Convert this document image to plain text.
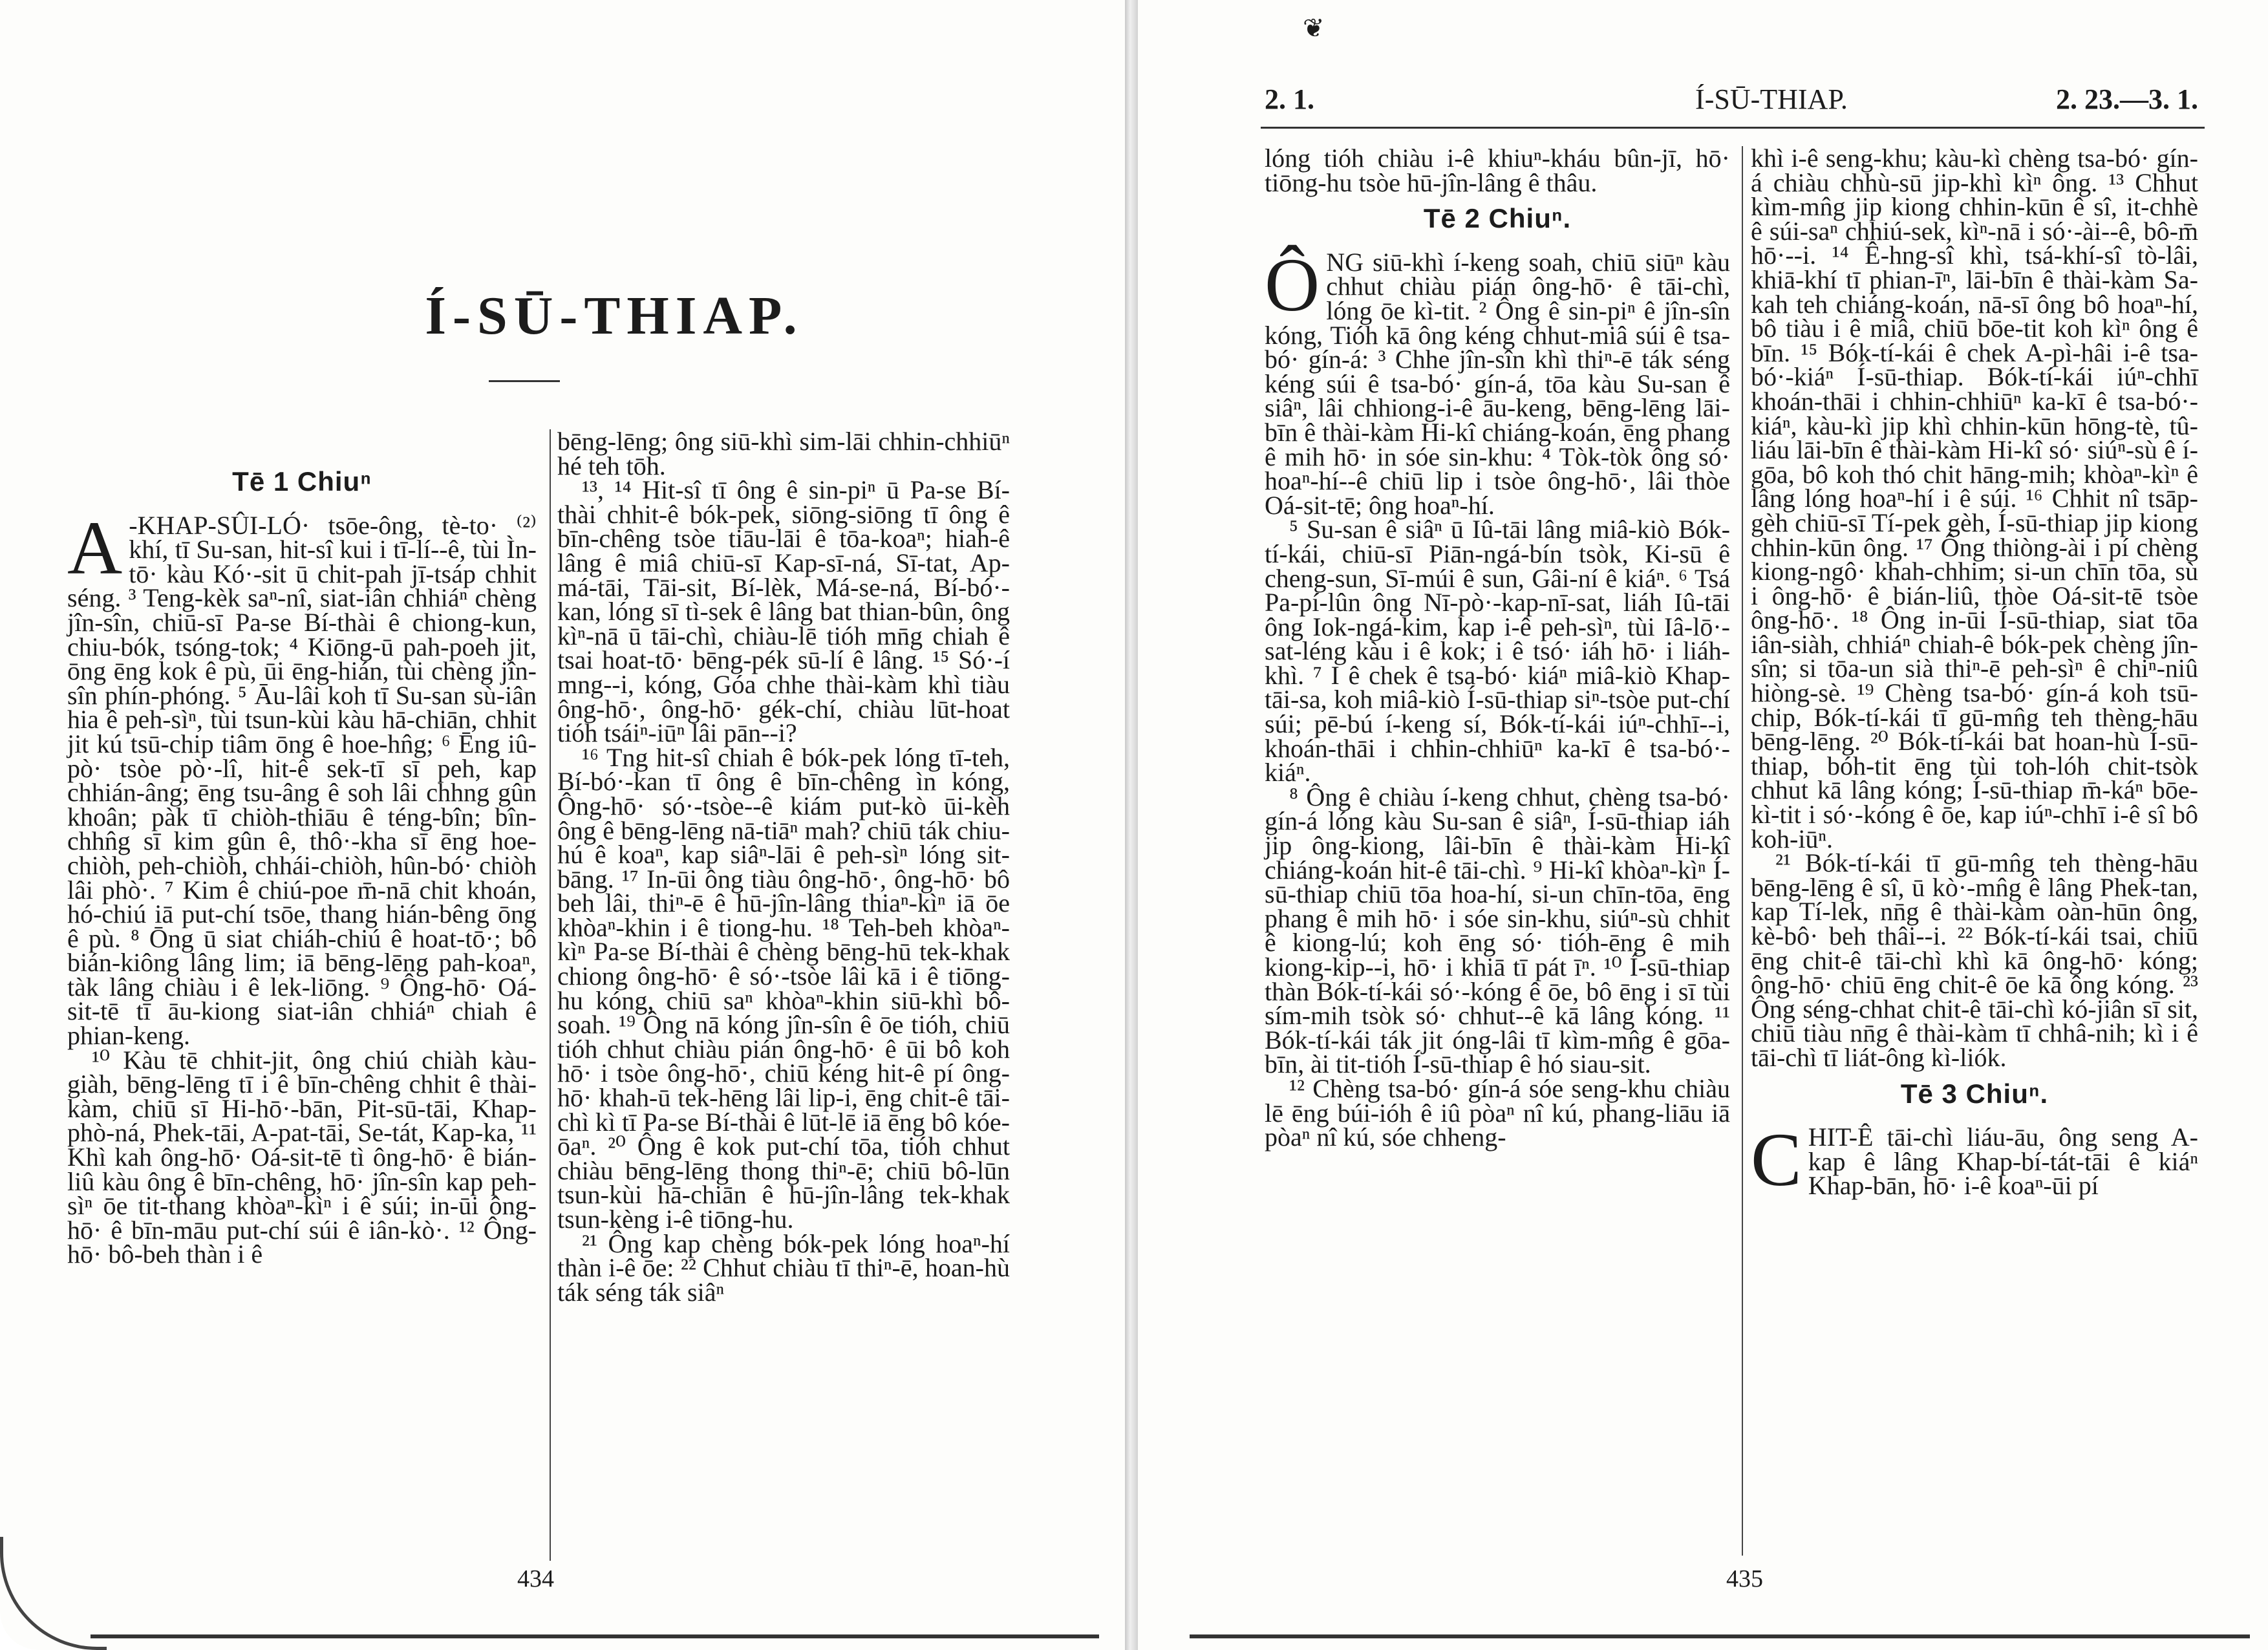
Í-SŪ-THIAP.
Tē 1 Chiuⁿ

A -KHAP-SÛI-LÓ· tsōe-ông, tè-to· ⁽²⁾ khí, tī Su-san, hit-sî kui i tī-lí--ê, tùi Ìn-tō· kàu Kó·-sit ū chit-pah jī-tsáp chhit séng. ³ Teng-kèk saⁿ-nî, siat-iân chhiáⁿ chèng jîn-sîn, chiū-sī Pa-se Bí-thài ê chiong-kun, chiu-bók, tsóng-tok; ⁴ Kiōng-ū pah-poeh jit, ōng ēng kok ê pù, ūi ēng-hián, tùi chèng jîn-sîn phín-phóng. ⁵ Āu-lâi koh tī Su-san sù-iân hia ê peh-sìⁿ, tùi tsun-kùi kàu hā-chiān, chhit jit kú tsū-chip tiâm ōng ê hoe-hn̂g; ⁶ Ēng iû-pò· tsòe pò·-lî, hit-ê sek-tī sī peh, kap chhián-âng; ēng tsu-âng ê soh lâi chhng gûn khoân; pàk tī chiòh-thiāu ê téng-bîn; bîn-chhn̂g sī kim gûn ê, thô·-kha sī ēng hoe-chiòh, peh-chiòh, chhái-chiòh, hûn-bó· chiòh lâi phò·. ⁷ Kim ê chiú-poe m̄-nā chit khoán, hó-chiú iā put-chí tsōe, thang hián-bêng ōng ê pù. ⁸ Ōng ū siat chiáh-chiú ê hoat-tō·; bô bián-kiông lâng lim; iā bēng-lēng pah-koaⁿ, tàk lâng chiàu i ê lek-liōng. ⁹ Ông-hō· Oá-sit-tē tī āu-kiong siat-iân chhiáⁿ chiah ê phian-keng.

¹⁰ Kàu tē chhit-jit, ông chiú chiàh kàu-giàh, bēng-lēng tī i ê bīn-chêng chhit ê thài-kàm, chiū sī Hi-hō·-bān, Pit-sū-tāi, Khap-phò-ná, Phek-tāi, A-pat-tāi, Se-tát, Kap-ka, ¹¹ Khì kah ông-hō· Oá-sit-tē tì ông-hō· ê bián-liû kàu ông ê bīn-chêng, hō· jîn-sîn kap peh-sìⁿ ōe tit-thang khòaⁿ-kìⁿ i ê súi; in-ūi ông-hō· ê bīn-māu put-chí súi ê iân-kò·. ¹² Ông-hō· bô-beh thàn i ê

bēng-lēng; ông siū-khì sim-lāi chhin-chhiūⁿ hé teh tōh.

¹³, ¹⁴ Hit-sî tī ông ê sin-piⁿ ū Pa-se Bí-thài chhit-ê bók-pek, siōng-siōng tī ông ê bīn-chêng tsòe tiāu-lāi ê tōa-koaⁿ; hiah-ê lâng ê miâ chiū-sī Kap-sī-ná, Sī-tat, Ap-má-tāi, Tāi-sit, Bí-lèk, Má-se-ná, Bí-bó·-kan, lóng sī tì-sek ê lâng bat thian-bûn, ông kìⁿ-nā ū tāi-chì, chiàu-lē tióh mn̄g chiah ê tsai hoat-tō· bēng-pék sū-lí ê lâng. ¹⁵ Só·-í mng--i, kóng, Góa chhe thài-kàm khì tiàu ông-hō·, ông-hō· gék-chí, chiàu lūt-hoat tióh tsáiⁿ-iūⁿ lâi pān--i?

¹⁶ Tng hit-sî chiah ê bók-pek lóng tī-teh, Bí-bó·-kan tī ông ê bīn-chêng ìn kóng, Ông-hō· só·-tsòe--ê kiám put-kò ūi-kèh ông ê bēng-lēng nā-tiāⁿ mah? chiū ták chiu-hú ê koaⁿ, kap siâⁿ-lāi ê peh-sìⁿ lóng sit-bāng. ¹⁷ In-ūi ông tiàu ông-hō·, ông-hō· bô beh lâi, thiⁿ-ē ê hū-jîn-lâng thiaⁿ-kìⁿ iā ōe khòaⁿ-khin i ê tiong-hu. ¹⁸ Teh-beh khòaⁿ-kìⁿ Pa-se Bí-thài ê chèng bēng-hū tek-khak chiong ông-hō· ê só·-tsòe lâi kā i ê tiōng-hu kóng, chiū saⁿ khòaⁿ-khin siū-khì bô-soah. ¹⁹ Ông nā kóng jîn-sîn ê ōe tióh, chiū tióh chhut chiàu pián ông-hō· ê ūi bô koh hō· i tsòe ông-hō·, chiū kéng hit-ê pí ông-hō· khah-ū tek-hēng lâi lip-i, ēng chit-ê tāi-chì kì tī Pa-se Bí-thài ê lūt-lē iā ēng bô kóe-ōaⁿ. ²⁰ Ông ê kok put-chí tōa, tióh chhut chiàu bēng-lēng thong thiⁿ-ē; chiū bô-lūn tsun-kùi hā-chiān ê hū-jîn-lâng tek-khak tsun-kèng i-ê tiōng-hu.

²¹ Ông kap chèng bók-pek lóng hoaⁿ-hí thàn i-ê ōe: ²² Chhut chiàu tī thiⁿ-ē, hoan-hù ták séng ták siâⁿ

434
❦
2. 1.	Í-SŪ-THIAP.	2. 23.—3. 1.

lóng tióh chiàu i-ê khiuⁿ-kháu bûn-jī, hō· tiōng-hu tsòe hū-jîn-lâng ê thâu.

Tē 2 Chiuⁿ.

ÔNG siū-khì í-keng soah, chiū siūⁿ kàu chhut chiàu pián ông-hō· ê tāi-chì, lóng ōe kì-tit. ² Ông ê sin-piⁿ ê jîn-sîn kóng, Tióh kā ông kéng chhut-miâ súi ê tsa-bó· gín-á: ³ Chhe jîn-sîn khì thiⁿ-ē ták séng kéng súi ê tsa-bó· gín-á, tōa kàu Su-san ê siâⁿ, lâi chhiong-i-ê āu-keng, bēng-lēng lāi-bīn ê thài-kàm Hi-kî chiáng-koán, ēng phang ê mih hō· in sóe sin-khu: ⁴ Tòk-tòk ông só· hoaⁿ-hí--ê chiū lip i tsòe ông-hō·, lâi thòe Oá-sit-tē; ông hoaⁿ-hí.

⁵ Su-san ê siâⁿ ū Iû-tāi lâng miâ-kiò Bók-tí-kái, chiū-sī Piān-ngá-bín tsòk, Ki-sū ê cheng-sun, Sī-múi ê sun, Gâi-ní ê kiáⁿ. ⁶ Tsá Pa-pí-lûn ông Nī-pò·-kap-nī-sat, liáh Iû-tāi ông Iok-ngá-kim, kap i-ê peh-sìⁿ, tùi Iâ-lō·-sat-léng kàu i ê kok; i ê tsó· iáh hō· i liáh-khì. ⁷ I ê chek ê tsa-bó· kiáⁿ miâ-kiò Khap-tāi-sa, koh miâ-kiò Í-sū-thiap siⁿ-tsòe put-chí súi; pē-bú í-keng sí, Bók-tí-kái iúⁿ-chhī--i, khoán-thāi i chhin-chhiūⁿ ka-kī ê tsa-bó·-kiáⁿ.

⁸ Ông ê chiàu í-keng chhut, chèng tsa-bó· gín-á lóng kàu Su-san ê siâⁿ, Í-sū-thiap iáh jip ông-kiong, lâi-bīn ê thài-kàm Hi-kî chiáng-koán hit-ê tāi-chì. ⁹ Hi-kî khòaⁿ-kìⁿ Í-sū-thiap chiū tōa hoa-hí, si-un chīn-tōa, ēng phang ê mih hō· i sóe sin-khu, siúⁿ-sù chhit ê kiong-lú; koh ēng só· tióh-ēng ê mih kiong-kip--i, hō· i khiā tī pát īⁿ. ¹⁰ Í-sū-thiap thàn Bók-tí-kái só·-kóng ê ōe, bô ēng i sī tùi sím-mih tsòk só· chhut--ê kā lâng kóng. ¹¹ Bók-tí-kái ták jit óng-lâi tī kìm-mn̂g ê gōa-bīn, ài tit-tióh Í-sū-thiap ê hó siau-sit.

¹² Chèng tsa-bó· gín-á sóe seng-khu chiàu lē ēng búi-ióh ê iû pòaⁿ nî kú, phang-liāu iā pòaⁿ nî kú, sóe chheng-

khì i-ê seng-khu; kàu-kì chèng tsa-bó· gín-á chiàu chhù-sū jip-khì kìⁿ ông. ¹³ Chhut kìm-mn̂g jip kiong chhin-kūn ê sî, it-chhè ê súi-saⁿ chhiú-sek, kìⁿ-nā i só·-ài--ê, bô-m̄ hō·--i. ¹⁴ Ê-hng-sî khì, tsá-khí-sî tò-lâi, khiā-khí tī phian-īⁿ, lāi-bīn ê thài-kàm Sa-kah teh chiáng-koán, nā-sī ông bô hoaⁿ-hí, bô tiàu i ê miâ, chiū bōe-tit koh kìⁿ ông ê bīn. ¹⁵ Bók-tí-kái ê chek A-pì-hâi i-ê tsa-bó·-kiáⁿ Í-sū-thiap. Bók-tí-kái iúⁿ-chhī khoán-thāi i chhin-chhiūⁿ ka-kī ê tsa-bó·-kiáⁿ, kàu-kì jip khì chhin-kūn hōng-tè, tû-liáu lāi-bīn ê thài-kàm Hi-kî só· siúⁿ-sù ê í-gōa, bô koh thó chit hāng-mih; khòaⁿ-kìⁿ ê lâng lóng hoaⁿ-hí i ê súi. ¹⁶ Chhit nî tsāp-gèh chiū-sī Tí-pek gèh, Í-sū-thiap jip kiong chhin-kūn ông. ¹⁷ Ông thiòng-ài i pí chèng kiong-ngô· khah-chhim; si-un chīn tōa, sù i ông-hō· ê bián-liû, thòe Oá-sit-tē tsòe ông-hō·. ¹⁸ Ông in-ūi Í-sū-thiap, siat tōa iân-siàh, chhiáⁿ chiah-ê bók-pek chèng jîn-sîn; si tōa-un sià thiⁿ-ē peh-sìⁿ ê chiⁿ-niû hiòng-sè. ¹⁹ Chèng tsa-bó· gín-á koh tsū-chip, Bók-tí-kái tī gū-mn̂g teh thèng-hāu bēng-lēng. ²⁰ Bók-tí-kái bat hoan-hù Í-sū-thiap, bóh-tit ēng tùi toh-lóh chit-tsòk chhut kā lâng kóng; Í-sū-thiap m̄-káⁿ bōe-kì-tit i só·-kóng ê ōe, kap iúⁿ-chhī i-ê sî bô koh-iūⁿ.

²¹ Bók-tí-kái tī gū-mn̂g teh thèng-hāu bēng-lēng ê sî, ū kò·-mn̂g ê lâng Phek-tan, kap Tí-lek, nn̄g ê thài-kàm oàn-hūn ông, kè-bô· beh thâi--i. ²² Bók-tí-kái tsai, chiū ēng chit-ê tāi-chì khì kā ông-hō· kóng; ông-hō· chiū ēng chit-ê ōe kā ông kóng. ²³ Ông séng-chhat chit-ê tāi-chì kó-jiân sī sit, chiū tiàu nn̄g ê thài-kàm tī chhâ-nih; kì i ê tāi-chì tī liát-ông kì-liók.

Tē 3 Chiuⁿ.

CHIT-Ê tāi-chì liáu-āu, ông seng A-kap ê lâng Khap-bí-tát-tāi ê kiáⁿ Khap-bān, hō· i-ê koaⁿ-ūi pí

435
